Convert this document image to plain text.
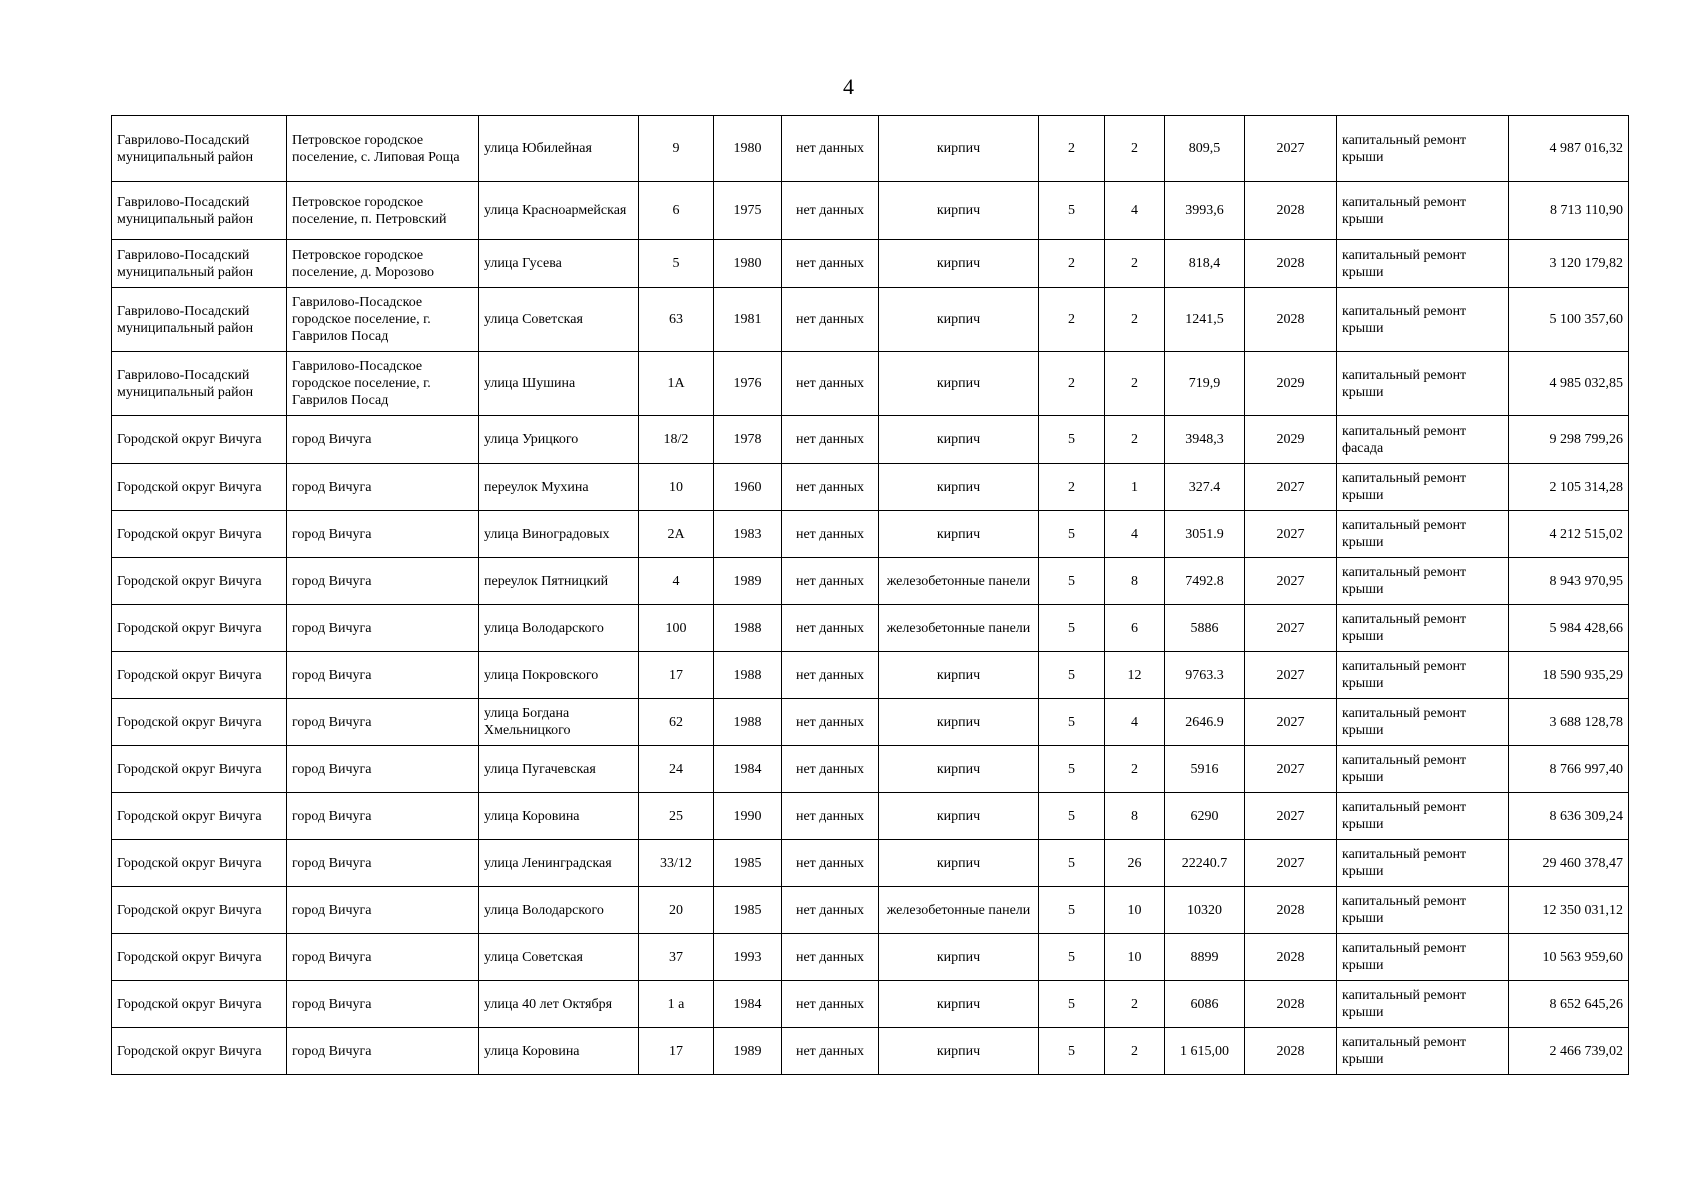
4
Гаврилово-Посадский муниципальный район	Петровское городское поселение, с. Липовая Роща	улица Юбилейная	9	1980	нет данных	кирпич	2	2	809,5	2027	капитальный ремонт крыши	4 987 016,32
Гаврилово-Посадский муниципальный район	Петровское городское поселение, п. Петровский	улица Красноармейская	6	1975	нет данных	кирпич	5	4	3993,6	2028	капитальный ремонт крыши	8 713 110,90
Гаврилово-Посадский муниципальный район	Петровское городское поселение, д. Морозово	улица Гусева	5	1980	нет данных	кирпич	2	2	818,4	2028	капитальный ремонт крыши	3 120 179,82
Гаврилово-Посадский муниципальный район	Гаврилово-Посадское городское поселение, г. Гаврилов Посад	улица Советская	63	1981	нет данных	кирпич	2	2	1241,5	2028	капитальный ремонт крыши	5 100 357,60
Гаврилово-Посадский муниципальный район	Гаврилово-Посадское городское поселение, г. Гаврилов Посад	улица Шушина	1А	1976	нет данных	кирпич	2	2	719,9	2029	капитальный ремонт крыши	4 985 032,85
Городской округ Вичуга	город Вичуга	улица Урицкого	18/2	1978	нет данных	кирпич	5	2	3948,3	2029	капитальный ремонт фасада	9 298 799,26
Городской округ Вичуга	город Вичуга	переулок Мухина	10	1960	нет данных	кирпич	2	1	327.4	2027	капитальный ремонт крыши	2 105 314,28
Городской округ Вичуга	город Вичуга	улица Виноградовых	2А	1983	нет данных	кирпич	5	4	3051.9	2027	капитальный ремонт крыши	4 212 515,02
Городской округ Вичуга	город Вичуга	переулок Пятницкий	4	1989	нет данных	железобетонные панели	5	8	7492.8	2027	капитальный ремонт крыши	8 943 970,95
Городской округ Вичуга	город Вичуга	улица Володарского	100	1988	нет данных	железобетонные панели	5	6	5886	2027	капитальный ремонт крыши	5 984 428,66
Городской округ Вичуга	город Вичуга	улица Покровского	17	1988	нет данных	кирпич	5	12	9763.3	2027	капитальный ремонт крыши	18 590 935,29
Городской округ Вичуга	город Вичуга	улица Богдана Хмельницкого	62	1988	нет данных	кирпич	5	4	2646.9	2027	капитальный ремонт крыши	3 688 128,78
Городской округ Вичуга	город Вичуга	улица Пугачевская	24	1984	нет данных	кирпич	5	2	5916	2027	капитальный ремонт крыши	8 766 997,40
Городской округ Вичуга	город Вичуга	улица Коровина	25	1990	нет данных	кирпич	5	8	6290	2027	капитальный ремонт крыши	8 636 309,24
Городской округ Вичуга	город Вичуга	улица Ленинградская	33/12	1985	нет данных	кирпич	5	26	22240.7	2027	капитальный ремонт крыши	29 460 378,47
Городской округ Вичуга	город Вичуга	улица Володарского	20	1985	нет данных	железобетонные панели	5	10	10320	2028	капитальный ремонт крыши	12 350 031,12
Городской округ Вичуга	город Вичуга	улица Советская	37	1993	нет данных	кирпич	5	10	8899	2028	капитальный ремонт крыши	10 563 959,60
Городской округ Вичуга	город Вичуга	улица 40 лет Октября	1 а	1984	нет данных	кирпич	5	2	6086	2028	капитальный ремонт крыши	8 652 645,26
Городской округ Вичуга	город Вичуга	улица Коровина	17	1989	нет данных	кирпич	5	2	1 615,00	2028	капитальный ремонт крыши	2 466 739,02
